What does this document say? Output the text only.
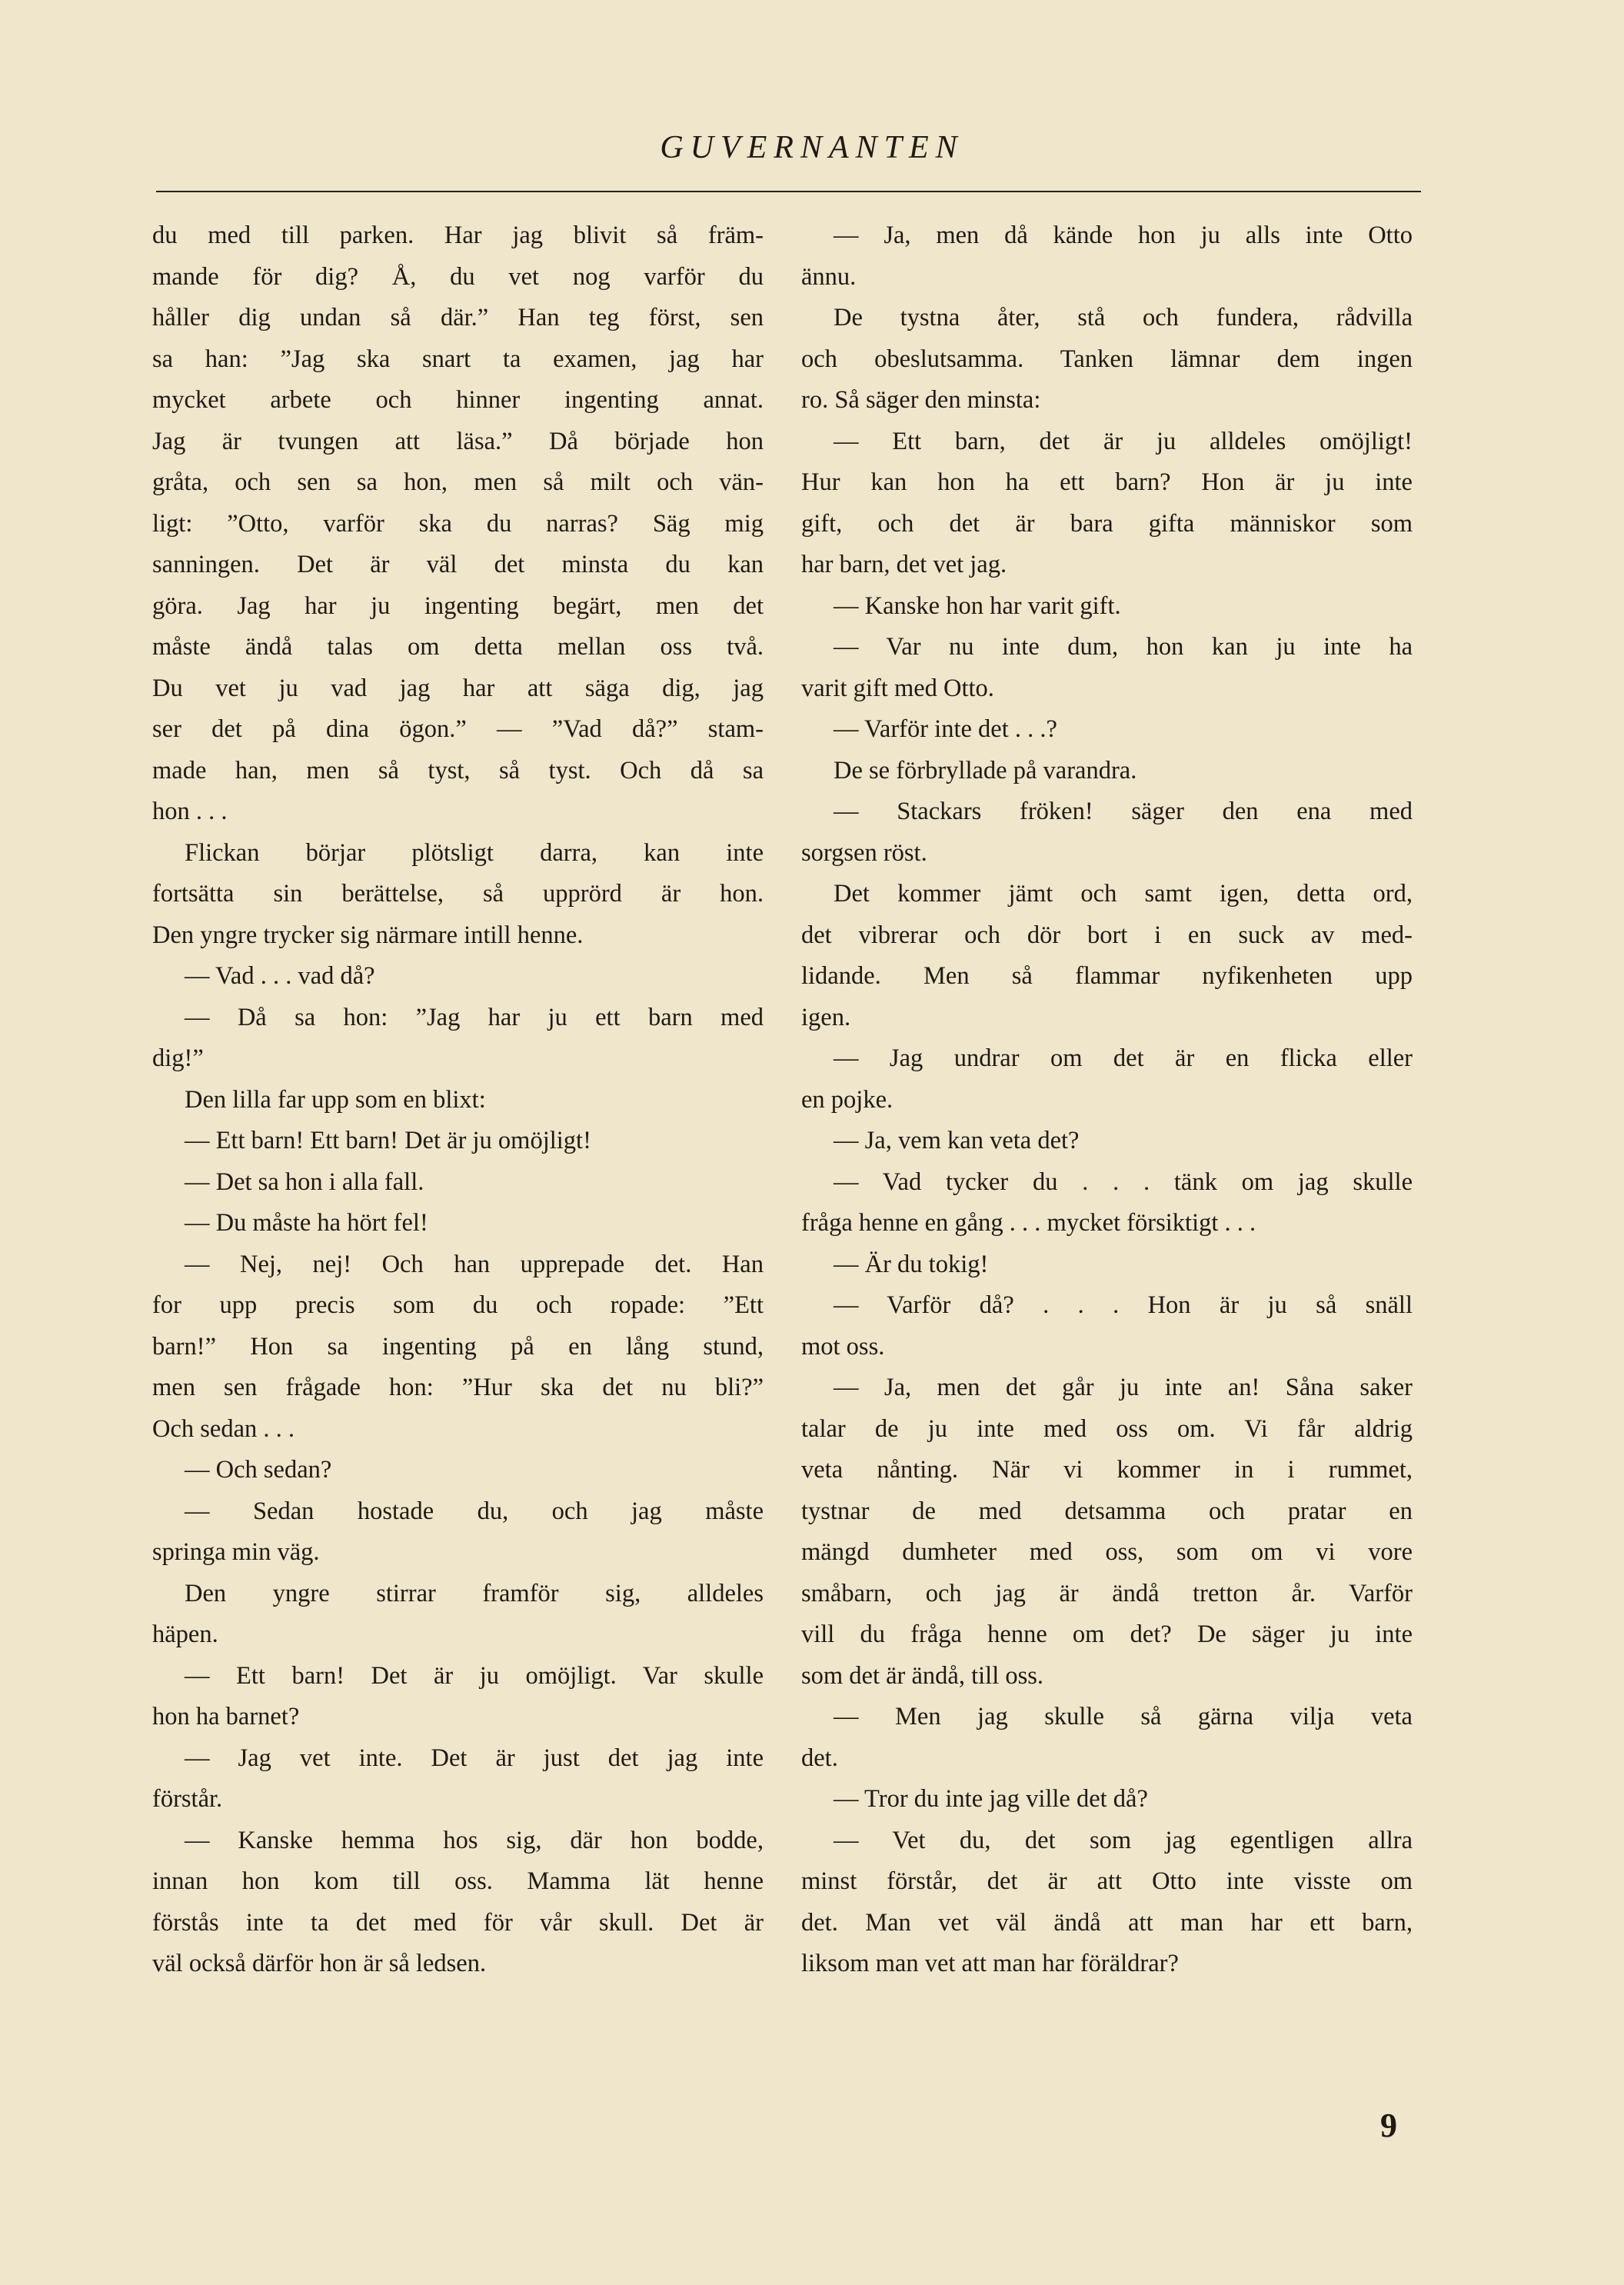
GUVERNANTEN
du med till parken. Har jag blivit så främ-
mande för dig? Å, du vet nog varför du
håller dig undan så där.” Han teg först, sen
sa han: ”Jag ska snart ta examen, jag har
mycket arbete och hinner ingenting annat.
Jag är tvungen att läsa.” Då började hon
gråta, och sen sa hon, men så milt och vän-
ligt: ”Otto, varför ska du narras? Säg mig
sanningen. Det är väl det minsta du kan
göra. Jag har ju ingenting begärt, men det
måste ändå talas om detta mellan oss två.
Du vet ju vad jag har att säga dig, jag
ser det på dina ögon.” — ”Vad då?” stam-
made han, men så tyst, så tyst. Och då sa
hon . . .
Flickan börjar plötsligt darra, kan inte
fortsätta sin berättelse, så upprörd är hon.
Den yngre trycker sig närmare intill henne.
— Vad . . . vad då?
— Då sa hon: ”Jag har ju ett barn med
dig!”
Den lilla far upp som en blixt:
— Ett barn! Ett barn! Det är ju omöjligt!
— Det sa hon i alla fall.
— Du måste ha hört fel!
— Nej, nej! Och han upprepade det. Han
for upp precis som du och ropade: ”Ett
barn!” Hon sa ingenting på en lång stund,
men sen frågade hon: ”Hur ska det nu bli?”
Och sedan . . .
— Och sedan?
— Sedan hostade du, och jag måste
springa min väg.
Den yngre stirrar framför sig, alldeles
häpen.
— Ett barn! Det är ju omöjligt. Var skulle
hon ha barnet?
— Jag vet inte. Det är just det jag inte
förstår.
— Kanske hemma hos sig, där hon bodde,
innan hon kom till oss. Mamma lät henne
förstås inte ta det med för vår skull. Det är
väl också därför hon är så ledsen.
— Ja, men då kände hon ju alls inte Otto
ännu.
De tystna åter, stå och fundera, rådvilla
och obeslutsamma. Tanken lämnar dem ingen
ro. Så säger den minsta:
— Ett barn, det är ju alldeles omöjligt!
Hur kan hon ha ett barn? Hon är ju inte
gift, och det är bara gifta människor som
har barn, det vet jag.
— Kanske hon har varit gift.
— Var nu inte dum, hon kan ju inte ha
varit gift med Otto.
— Varför inte det . . .?
De se förbryllade på varandra.
— Stackars fröken! säger den ena med
sorgsen röst.
Det kommer jämt och samt igen, detta ord,
det vibrerar och dör bort i en suck av med-
lidande. Men så flammar nyfikenheten upp
igen.
— Jag undrar om det är en flicka eller
en pojke.
— Ja, vem kan veta det?
— Vad tycker du . . . tänk om jag skulle
fråga henne en gång . . . mycket försiktigt . . .
— Är du tokig!
— Varför då? . . . Hon är ju så snäll
mot oss.
— Ja, men det går ju inte an! Såna saker
talar de ju inte med oss om. Vi får aldrig
veta nånting. När vi kommer in i rummet,
tystnar de med detsamma och pratar en
mängd dumheter med oss, som om vi vore
småbarn, och jag är ändå tretton år. Varför
vill du fråga henne om det? De säger ju inte
som det är ändå, till oss.
— Men jag skulle så gärna vilja veta
det.
— Tror du inte jag ville det då?
— Vet du, det som jag egentligen allra
minst förstår, det är att Otto inte visste om
det. Man vet väl ändå att man har ett barn,
liksom man vet att man har föräldrar?
9
